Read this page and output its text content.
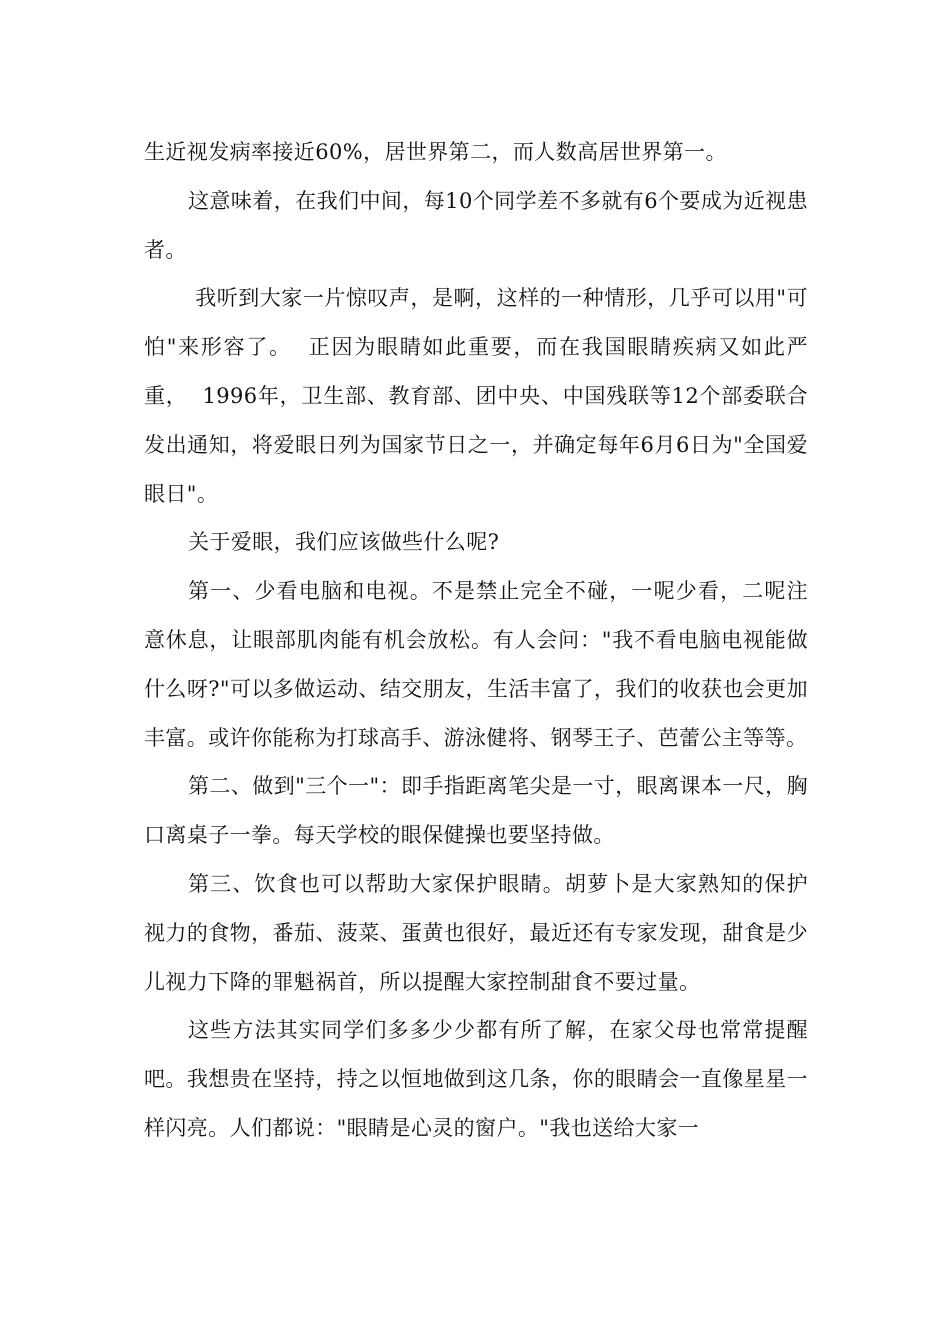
生近视发病率接近60%，居世界第二，而人数高居世界第一。

这意味着，在我们中间，每10个同学差不多就有6个要成为近视患者。

我听到大家一片惊叹声，是啊，这样的一种情形，几乎可以用"可怕"来形容了。  正因为眼睛如此重要，而在我国眼睛疾病又如此严重，  1996年，卫生部、教育部、团中央、中国残联等12个部委联合发出通知，将爱眼日列为国家节日之一，并确定每年6月6日为"全国爱眼日"。

关于爱眼，我们应该做些什么呢?

第一、少看电脑和电视。不是禁止完全不碰，一呢少看，二呢注意休息，让眼部肌肉能有机会放松。有人会问："我不看电脑电视能做什么呀?"可以多做运动、结交朋友，生活丰富了，我们的收获也会更加丰富。或许你能称为打球高手、游泳健将、钢琴王子、芭蕾公主等等。

第二、做到"三个一"：即手指距离笔尖是一寸，眼离课本一尺，胸口离桌子一拳。每天学校的眼保健操也要坚持做。

第三、饮食也可以帮助大家保护眼睛。胡萝卜是大家熟知的保护视力的食物，番茄、菠菜、蛋黄也很好，最近还有专家发现，甜食是少儿视力下降的罪魁祸首，所以提醒大家控制甜食不要过量。

这些方法其实同学们多多少少都有所了解，在家父母也常常提醒吧。我想贵在坚持，持之以恒地做到这几条，你的眼睛会一直像星星一样闪亮。人们都说："眼睛是心灵的窗户。"我也送给大家一
